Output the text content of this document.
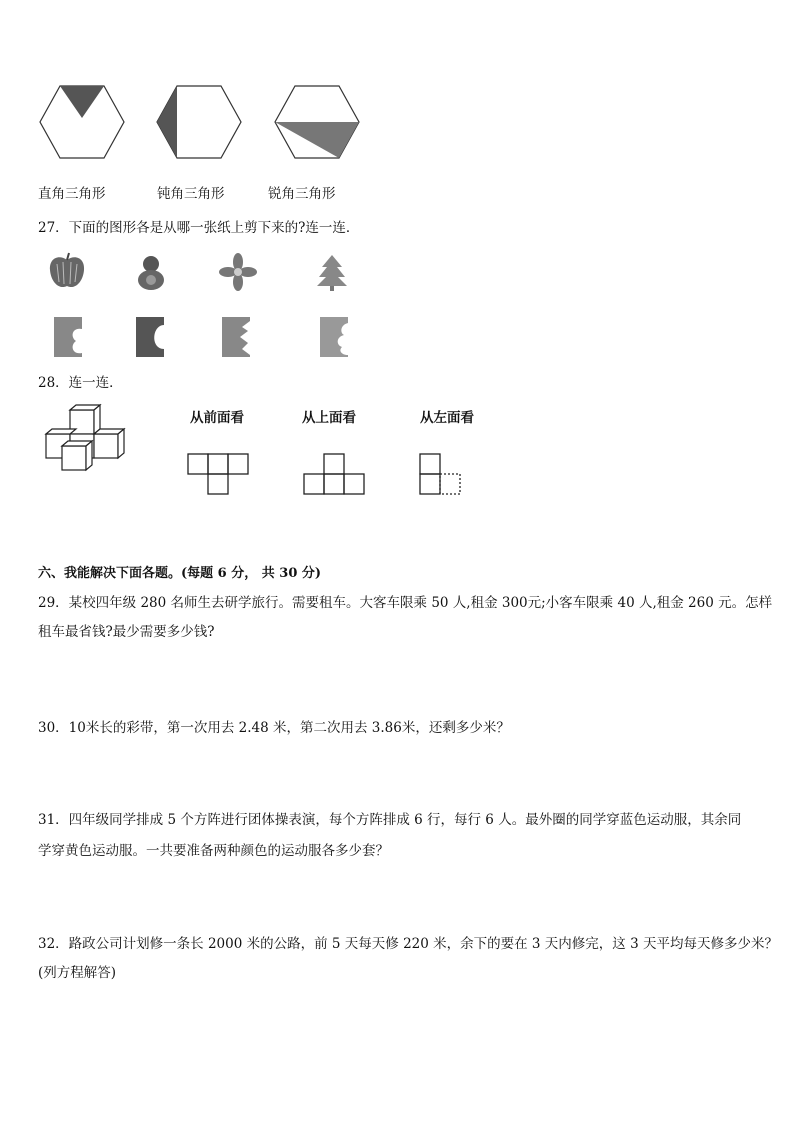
直角三角形	钝角三角形	锐角三角形
27．下面的图形各是从哪一张纸上剪下来的?连一连．
28．连一连．
从前面看	从上面看	从左面看
六、我能解决下面各题。(每题 6 分， 共 30 分)
29．某校四年级 280 名师生去研学旅行。需要租车。大客车限乘 50 人,租金 300元;小客车限乘 40 人,租金 260 元。怎样
租车最省钱?最少需要多少钱?
30．10米长的彩带，第一次用去 2.48 米，第二次用去 3.86米，还剩多少米？
31．四年级同学排成 5 个方阵进行团体操表演，每个方阵排成 6 行，每行 6 人。最外圈的同学穿蓝色运动服，其余同
学穿黄色运动服。一共要准备两种颜色的运动服各多少套？
32．路政公司计划修一条长 2000 米的公路，前 5 天每天修 220 米，余下的要在 3 天内修完，这 3 天平均每天修多少米？
(列方程解答)
